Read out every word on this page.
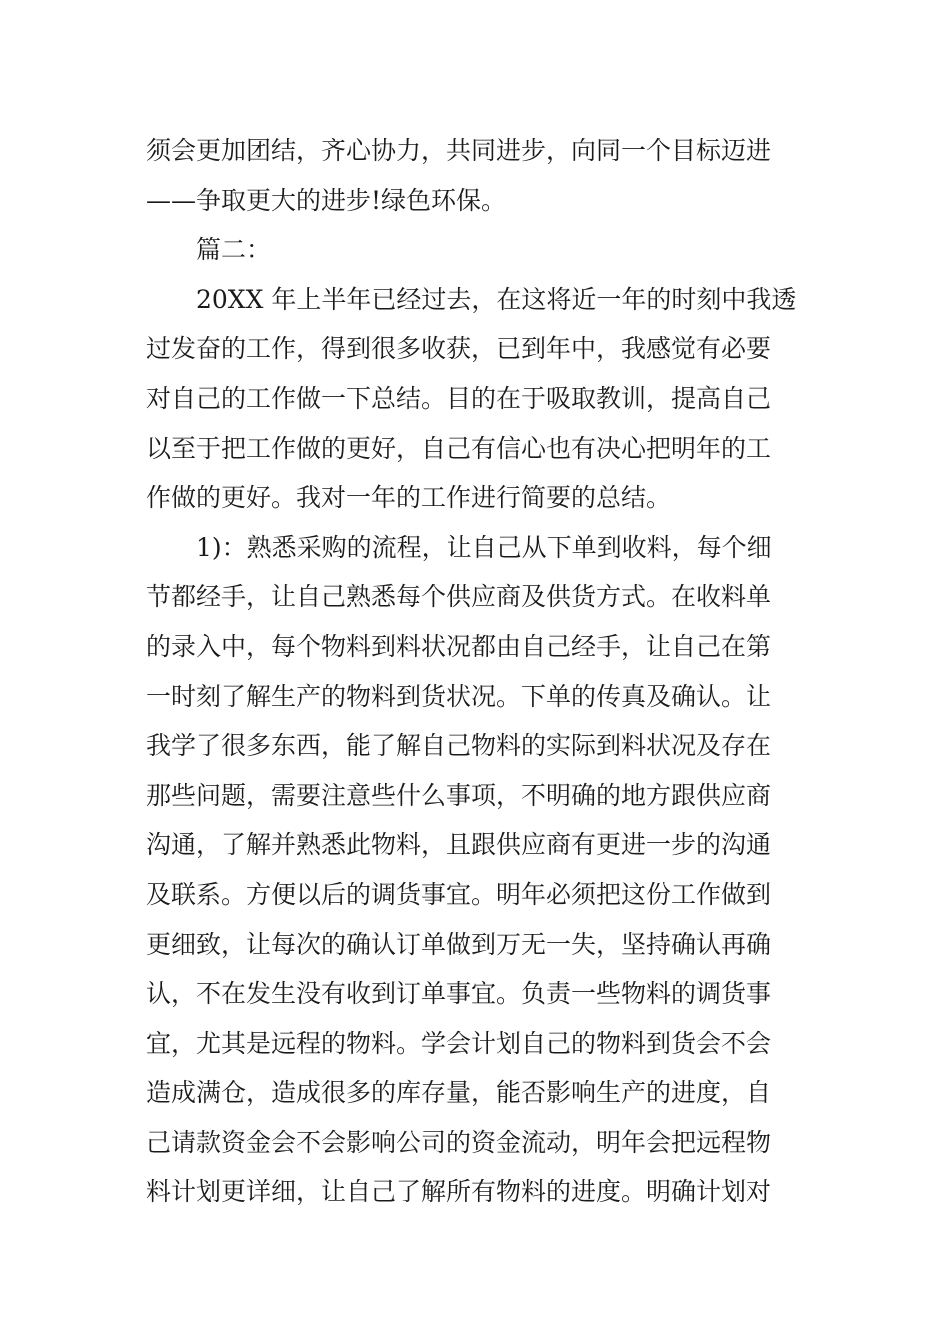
须会更加团结，齐心协力，共同进步，向同一个目标迈进
——争取更大的进步!绿色环保。
篇二：
20XX 年上半年已经过去，在这将近一年的时刻中我透
过发奋的工作，得到很多收获，已到年中，我感觉有必要
对自己的工作做一下总结。目的在于吸取教训，提高自己
以至于把工作做的更好，自己有信心也有决心把明年的工
作做的更好。我对一年的工作进行简要的总结。
1)：熟悉采购的流程，让自己从下单到收料，每个细
节都经手，让自己熟悉每个供应商及供货方式。在收料单
的录入中，每个物料到料状况都由自己经手，让自己在第
一时刻了解生产的物料到货状况。下单的传真及确认。让
我学了很多东西，能了解自己物料的实际到料状况及存在
那些问题，需要注意些什么事项，不明确的地方跟供应商
沟通，了解并熟悉此物料，且跟供应商有更进一步的沟通
及联系。方便以后的调货事宜。明年必须把这份工作做到
更细致，让每次的确认订单做到万无一失，坚持确认再确
认，不在发生没有收到订单事宜。负责一些物料的调货事
宜，尤其是远程的物料。学会计划自己的物料到货会不会
造成满仓，造成很多的库存量，能否影响生产的进度，自
己请款资金会不会影响公司的资金流动，明年会把远程物
料计划更详细，让自己了解所有物料的进度。明确计划对
